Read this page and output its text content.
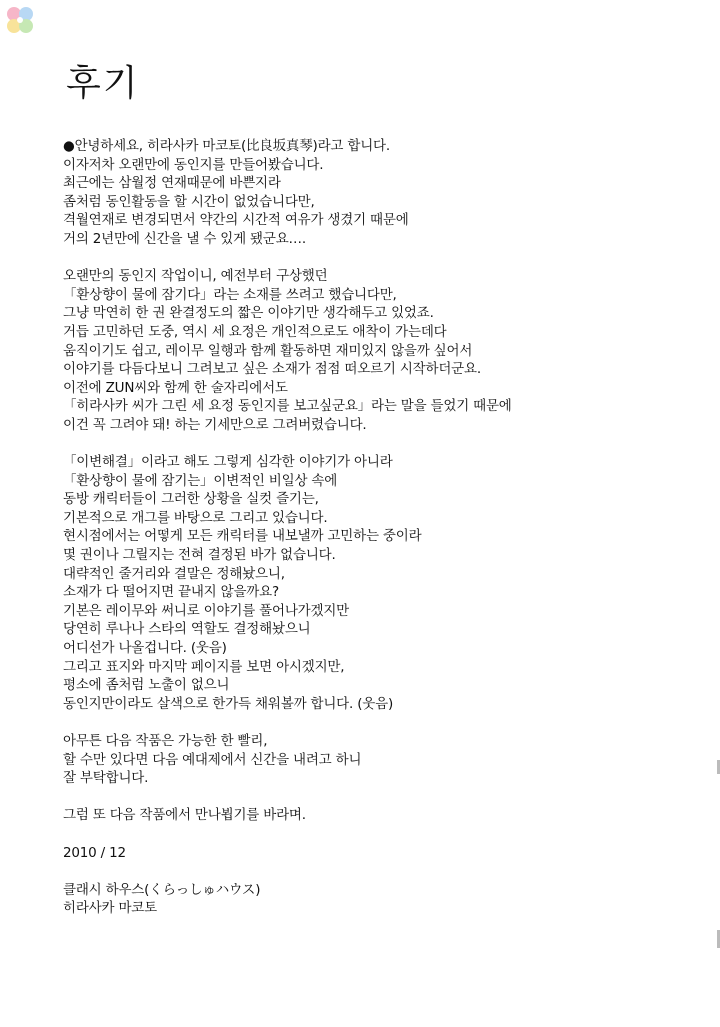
후기
●안녕하세요, 히라사카 마코토(比良坂真琴)라고 합니다.
이자저차 오랜만에 동인지를 만들어봤습니다.
최근에는 삼월정 연재때문에 바쁜지라
좀처럼 동인활동을 할 시간이 없었습니다만,
격월연재로 변경되면서 약간의 시간적 여유가 생겼기 때문에
거의 2년만에 신간을 낼 수 있게 됐군요….
오랜만의 동인지 작업이니, 예전부터 구상했던
「환상향이 물에 잠기다」라는 소재를 쓰려고 했습니다만,
그냥 막연히 한 권 완결정도의 짧은 이야기만 생각해두고 있었죠.
거듭 고민하던 도중, 역시 세 요정은 개인적으로도 애착이 가는데다
움직이기도 쉽고, 레이무 일행과 함께 활동하면 재미있지 않을까 싶어서
이야기를 다듬다보니 그려보고 싶은 소재가 점점 떠오르기 시작하더군요.
이전에 ZUN씨와 함께 한 술자리에서도
「히라사카 씨가 그린 세 요정 동인지를 보고싶군요」라는 말을 들었기 때문에
이건 꼭 그려야 돼! 하는 기세만으로 그려버렸습니다.
「이변해결」이라고 해도 그렇게 심각한 이야기가 아니라
「환상향이 물에 잠기는」이변적인 비일상 속에
동방 캐릭터들이 그러한 상황을 실컷 즐기는,
기본적으로 개그를 바탕으로 그리고 있습니다.
현시점에서는 어떻게 모든 캐릭터를 내보낼까 고민하는 중이라
몇 권이나 그릴지는 전혀 결정된 바가 없습니다.
대략적인 줄거리와 결말은 정해놨으니,
소재가 다 떨어지면 끝내지 않을까요?
기본은 레이무와 써니로 이야기를 풀어나가겠지만
당연히 루나나 스타의 역할도 결정해놨으니
어디선가 나올겁니다. (웃음)
그리고 표지와 마지막 페이지를 보면 아시겠지만,
평소에 좀처럼 노출이 없으니
동인지만이라도 살색으로 한가득 채워볼까 합니다. (웃음)
아무튼 다음 작품은 가능한 한 빨리,
할 수만 있다면 다음 예대제에서 신간을 내려고 하니
잘 부탁합니다.
그럼 또 다음 작품에서 만나뵙기를 바라며.
2010 / 12
클래시 하우스(くらっしゅハウス)
히라사카 마코토
